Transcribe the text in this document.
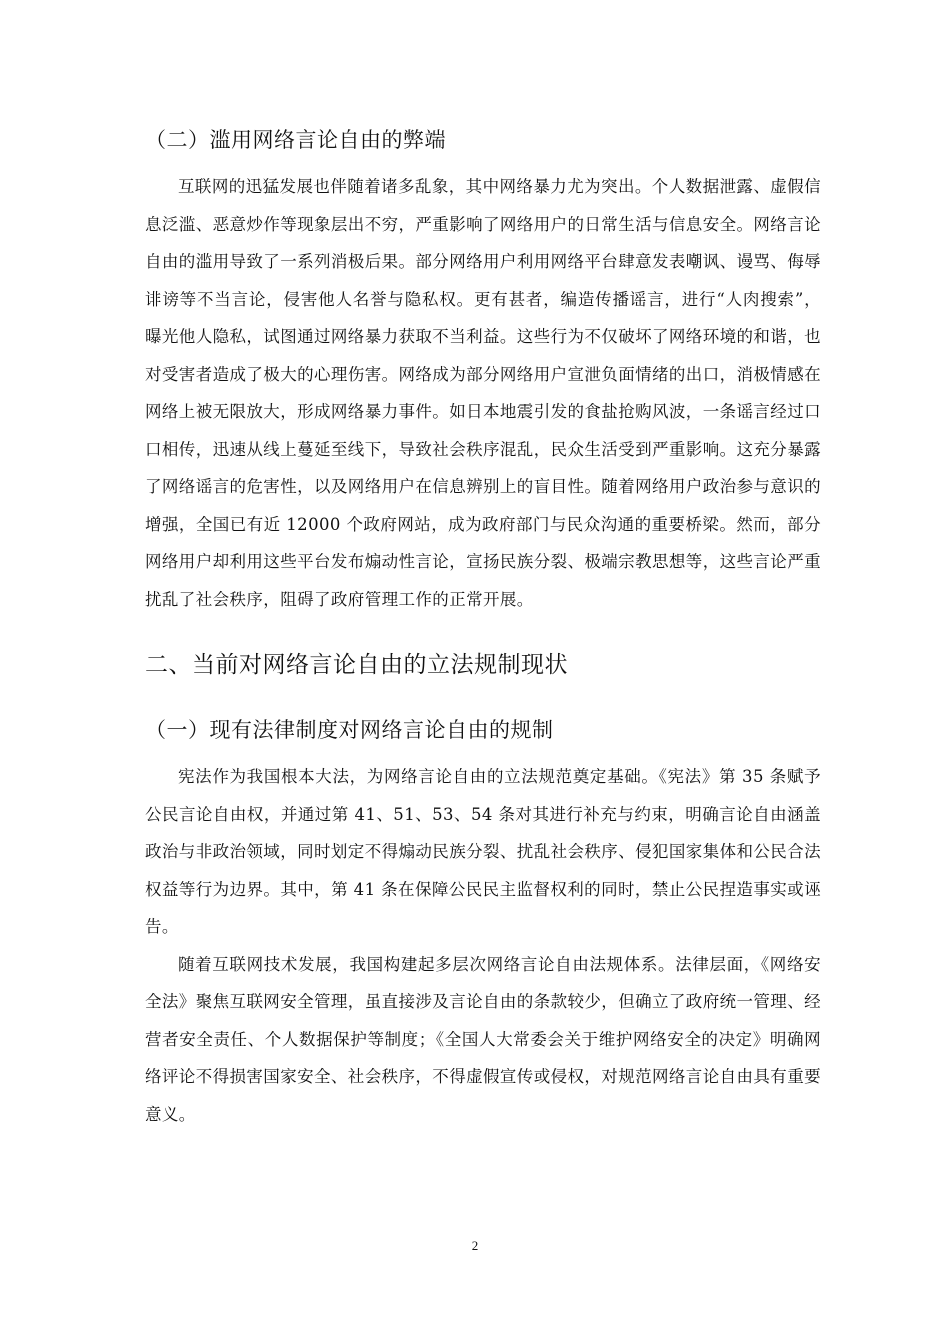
（二）滥用网络言论自由的弊端

互联网的迅猛发展也伴随着诸多乱象，其中网络暴力尤为突出。个人数据泄露、虚假信息泛滥、恶意炒作等现象层出不穷，严重影响了网络用户的日常生活与信息安全。网络言论自由的滥用导致了一系列消极后果。部分网络用户利用网络平台肆意发表嘲讽、谩骂、侮辱诽谤等不当言论，侵害他人名誉与隐私权。更有甚者，编造传播谣言，进行“人肉搜索”，曝光他人隐私，试图通过网络暴力获取不当利益。这些行为不仅破坏了网络环境的和谐，也对受害者造成了极大的心理伤害。网络成为部分网络用户宣泄负面情绪的出口，消极情感在网络上被无限放大，形成网络暴力事件。如日本地震引发的食盐抢购风波，一条谣言经过口口相传，迅速从线上蔓延至线下，导致社会秩序混乱，民众生活受到严重影响。这充分暴露了网络谣言的危害性，以及网络用户在信息辨别上的盲目性。随着网络用户政治参与意识的增强，全国已有近 12000 个政府网站，成为政府部门与民众沟通的重要桥梁。然而，部分网络用户却利用这些平台发布煽动性言论，宣扬民族分裂、极端宗教思想等，这些言论严重扰乱了社会秩序，阻碍了政府管理工作的正常开展。

二、当前对网络言论自由的立法规制现状
（一）现有法律制度对网络言论自由的规制

宪法作为我国根本大法，为网络言论自由的立法规范奠定基础。《宪法》第 35 条赋予公民言论自由权，并通过第 41、51、53、54 条对其进行补充与约束，明确言论自由涵盖政治与非政治领域，同时划定不得煽动民族分裂、扰乱社会秩序、侵犯国家集体和公民合法权益等行为边界。其中，第 41 条在保障公民民主监督权利的同时，禁止公民捏造事实或诬告。

随着互联网技术发展，我国构建起多层次网络言论自由法规体系。法律层面，《网络安全法》聚焦互联网安全管理，虽直接涉及言论自由的条款较少，但确立了政府统一管理、经营者安全责任、个人数据保护等制度；《全国人大常委会关于维护网络安全的决定》明确网络评论不得损害国家安全、社会秩序，不得虚假宣传或侵权，对规范网络言论自由具有重要意义。

2
